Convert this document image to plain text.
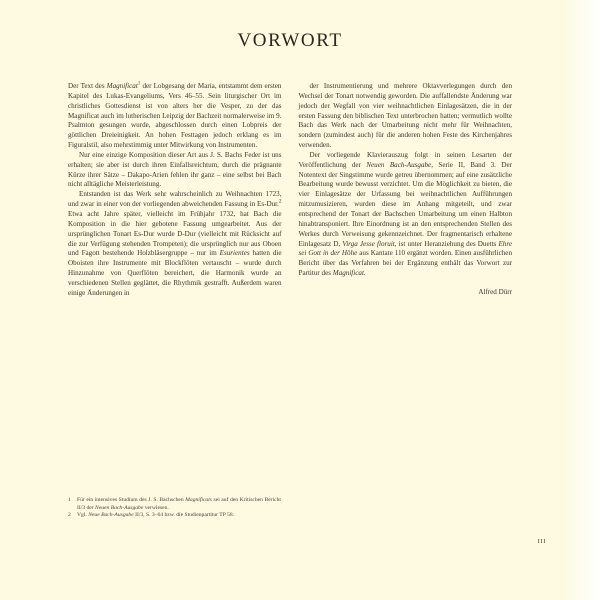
VORWORT

Der Text des Magnificat$^1$ der Lobgesang der Maria, entstammt dem ersten Kapitel des Lukas-Evangeliums, Vers 46–55. Sein liturgischer Ort im christliches Gottesdienst ist von alters her die Vesper, zu der das Magnificat auch im lutherischen Leipzig der Bachzeit normalerweise im 9. Psalmton gesungen wurde, abgeschlossen durch einen Lobpreis der göttlichen Dreieinigkeit. An hohen Festtagen jedoch erklang es im Figuralstil, also mehrstimmig unter Mitwirkung von Instrumenten.

Nur eine einzige Komposition dieser Art aus J. S. Bachs Feder ist uns erhalten; sie aber ist durch ihren Einfallsreichtum, durch die prägnante Kürze ihrer Sätze – Dakapo-Arien fehlen ihr ganz – eine selbst bei Bach nicht alltägliche Meisterleistung.

Entstanden ist das Werk sehr wahrscheinlich zu Weihnachten 1723, und zwar in einer von der vorliegenden abweichenden Fassung in Es-Dur.$^2$ Etwa acht Jahre später, vielleicht im Frühjahr 1732, hat Bach die Komposition in die hier gebotene Fassung umgearbeitet. Aus der ursprünglichen Tonart Es-Dur wurde D-Dur (vielleicht mit Rücksicht auf die zur Verfügung stehenden Trompeten); die ursprünglich nur aus Oboen und Fagott bestehende Holzbläsergruppe – nur im Esurientes hatten die Oboisten ihre Instrumente mit Blockflöten vertauscht – wurde durch Hinzunahme von Querflöten bereichert, die Harmonik wurde an verschiedenen Stellen geglättet, die Rhythmik gestrafft. Außerdem waren einige Änderungen in

der Instrumentierung und mehrere Oktavverlegungen durch den Wechsel der Tonart notwendig geworden. Die auffallendste Änderung war jedoch der Wegfall von vier weihnachtlichen Einlagesätzen, die in der ersten Fassung den biblischen Text unterbrochen hatten; vermutlich wollte Bach das Werk nach der Umarbeitung nicht mehr für Weihnachten, sondern (zumindest auch) für die anderen hohen Feste des Kirchenjahres verwenden.

Der vorliegende Klavierauszug folgt in seinen Lesarten der Veröffentlichung der Neuen Bach-Ausgabe, Serie II, Band 3. Der Notentext der Singstimme wurde getreu übernommen; auf eine zusätzliche Bearbeitung wurde bewusst verzichtet. Um die Möglichkeit zu bieten, die vier Einlagesätze der Urfassung bei weihnachtlichen Aufführungen mitzumusizieren, wurden diese im Anhang mitgeteilt, und zwar entsprechend der Tonart der Bachschen Umarbeitung um einen Halbton hinabtransponiert. Ihre Einordnung ist an den entsprechenden Stellen des Werkes durch Verweisung gekennzeichnet. Der fragmentarisch erhaltene Einlagesatz D, Virga Jesse floruit, ist unter Heranziehung des Duetts Ehre sei Gott in der Höhe aus Kantate 110 ergänzt worden. Einen ausführlichen Bericht über das Verfahren bei der Ergänzung enthält das Vorwort zur Partitur des Magnificat.

Alfred Dürr

1 Für ein intensives Studium des J. S. Bachschen Magnificats sei auf den Kritischen Bericht II/3 der Neuen Bach-Ausgabe verwiesen.

2 Vgl. Neue Bach-Ausgabe II/3, S. 3–64 bzw. die Studienpartitur TP 58.

III
